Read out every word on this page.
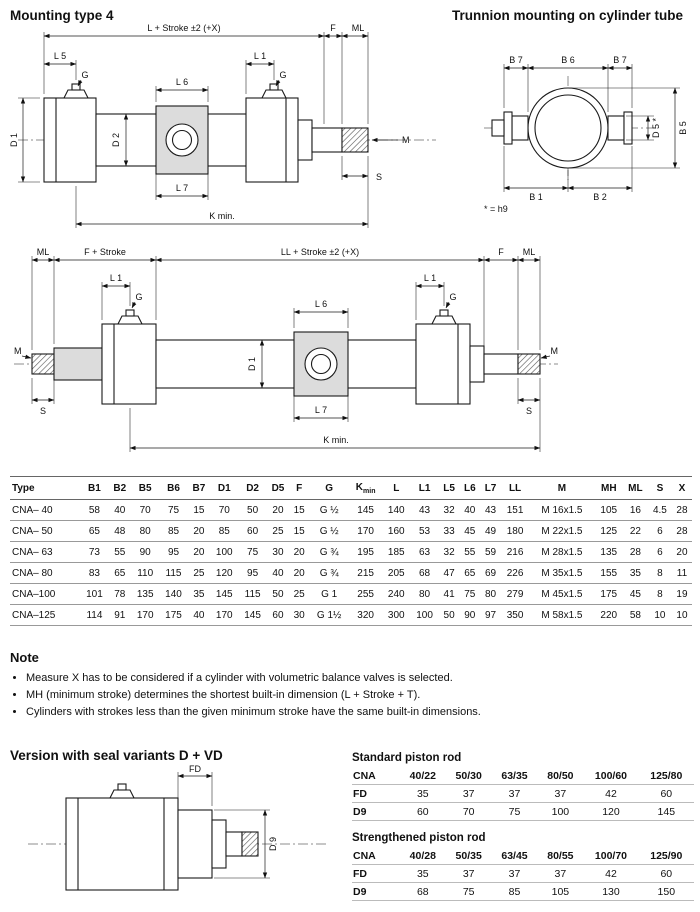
Mounting type 4	Trunnion mounting on cylinder tube
L + Stroke ±2 (+X)	F ML
L 5	L 1
G	G
L 6
D 1	D 2
L 7
K min.
M
S
B 7	B 6	B 7
B 1	B 2
D 5 * B 5
* = h9
ML	F + Stroke	LL + Stroke ±2 (+X)	F ML
L 1
G
L 1
G
L 6
D 1
L 7
K min.
M
S
M
S
Type	B1	B2	B5	B6	B7	D1	D2	D5	F	G	$K_{min}$	L	L1	L5	L6	L7	LL	M	MH	ML	S	X
CNA– 40	58	40	70	75	15	70	50	20	15	G ½	145	140	43	32	40	43	151	M 16x1.5	105	16	4.5	28
CNA– 50	65	48	80	85	20	85	60	25	15	G ½	170	160	53	33	45	49	180	M 22x1.5	125	22	6	28
CNA– 63	73	55	90	95	20	100	75	30	20	G ¾	195	185	63	32	55	59	216	M 28x1.5	135	28	6	20
CNA– 80	83	65	110	115	25	120	95	40	20	G ¾	215	205	68	47	65	69	226	M 35x1.5	155	35	8	11
CNA–100	101	78	135	140	35	145	115	50	25	G 1	255	240	80	41	75	80	279	M 45x1.5	175	45	8	19
CNA–125	114	91	170	175	40	170	145	60	30	G 1½	320	300	100	50	90	97	350	M 58x1.5	220	58	10	10
Note
• Measure X has to be considered if a cylinder with volumetric balance valves is selected.
• MH (minimum stroke) determines the shortest built-in dimension (L + Stroke + T).
• Cylinders with strokes less than the given minimum stroke have the same built-in dimensions.
Version with seal variants D + VD
FD
D 9
Standard piston rod
CNA	40/22	50/30	63/35	80/50	100/60	125/80
FD	35	37	37	37	42	60
D9	60	70	75	100	120	145
Strengthened piston rod
CNA	40/28	50/35	63/45	80/55	100/70	125/90
FD	35	37	37	37	42	60
D9	68	75	85	105	130	150
